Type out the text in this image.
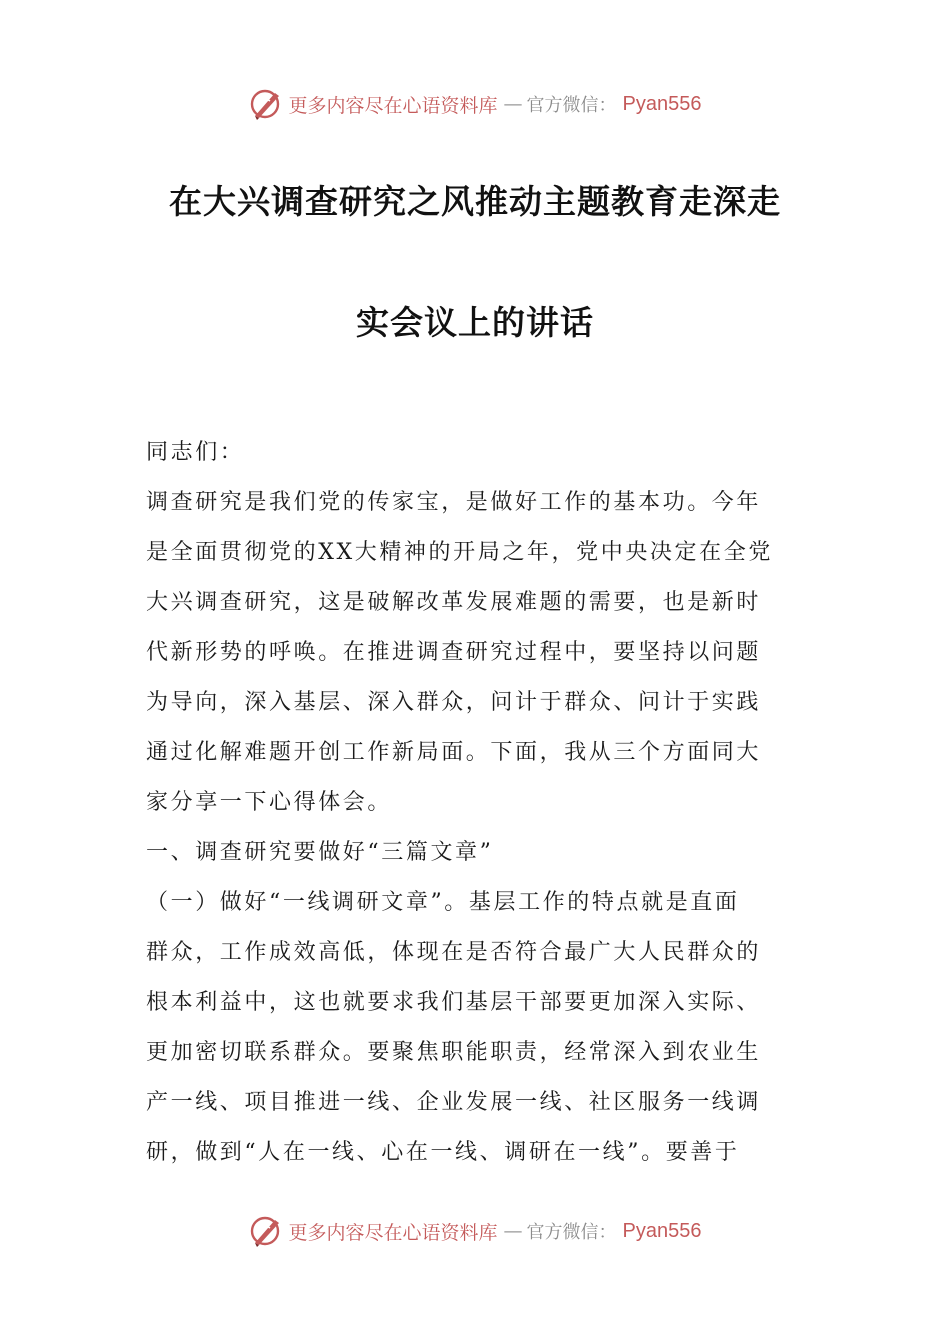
更多内容尽在心语资料库 — 官方微信： Pyan556
在大兴调查研究之风推动主题教育走深走
实会议上的讲话
同志们：
调查研究是我们党的传家宝，是做好工作的基本功。今年
是全面贯彻党的XX大精神的开局之年，党中央决定在全党
大兴调查研究，这是破解改革发展难题的需要，也是新时
代新形势的呼唤。在推进调查研究过程中，要坚持以问题
为导向，深入基层、深入群众，问计于群众、问计于实践
通过化解难题开创工作新局面。下面，我从三个方面同大
家分享一下心得体会。
一、调查研究要做好“三篇文章”
（一）做好“一线调研文章”。基层工作的特点就是直面
群众，工作成效高低，体现在是否符合最广大人民群众的
根本利益中，这也就要求我们基层干部要更加深入实际、
更加密切联系群众。要聚焦职能职责，经常深入到农业生
产一线、项目推进一线、企业发展一线、社区服务一线调
研，做到“人在一线、心在一线、调研在一线”。要善于
更多内容尽在心语资料库 — 官方微信： Pyan556
